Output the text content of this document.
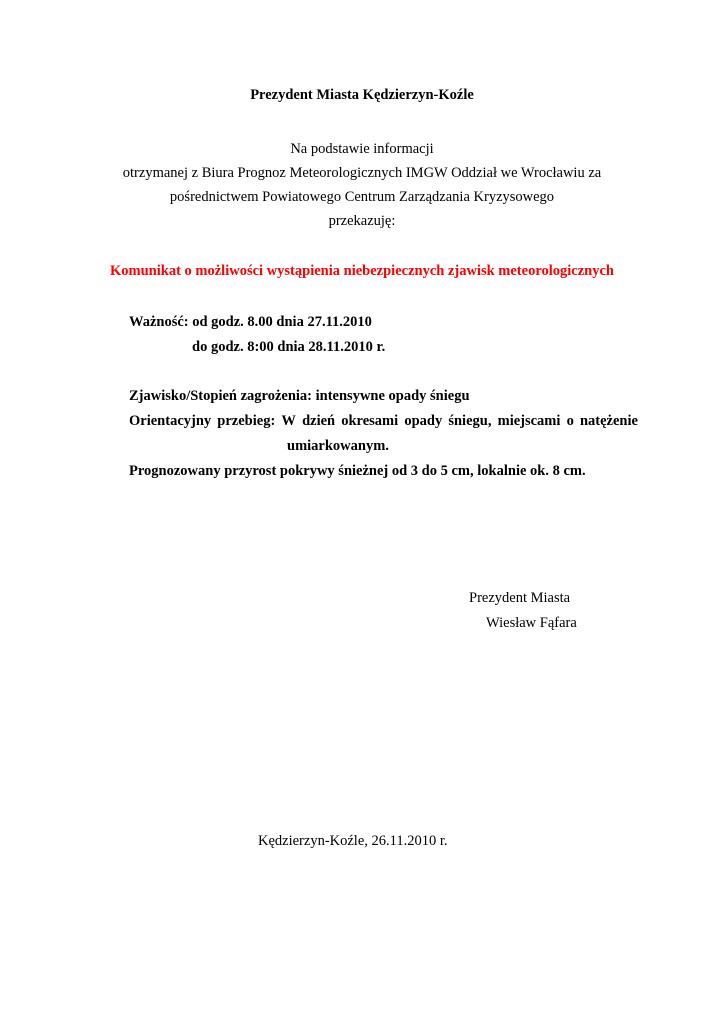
Prezydent Miasta Kędzierzyn-Koźle
Na podstawie informacji
otrzymanej z Biura Prognoz Meteorologicznych IMGW Oddział we Wrocławiu za
pośrednictwem Powiatowego Centrum Zarządzania Kryzysowego
przekazuję:
Komunikat o możliwości wystąpienia niebezpiecznych zjawisk meteorologicznych
Ważność: od godz. 8.00 dnia 27.11.2010
do godz. 8:00 dnia 28.11.2010 r.
Zjawisko/Stopień zagrożenia: intensywne opady śniegu
Orientacyjny przebieg: W dzień okresami opady śniegu, miejscami o natężenie
umiarkowanym.
Prognozowany przyrost pokrywy śnieżnej od 3 do 5 cm, lokalnie ok. 8 cm.
Prezydent Miasta
Wiesław Fąfara
Kędzierzyn-Koźle, 26.11.2010 r.
